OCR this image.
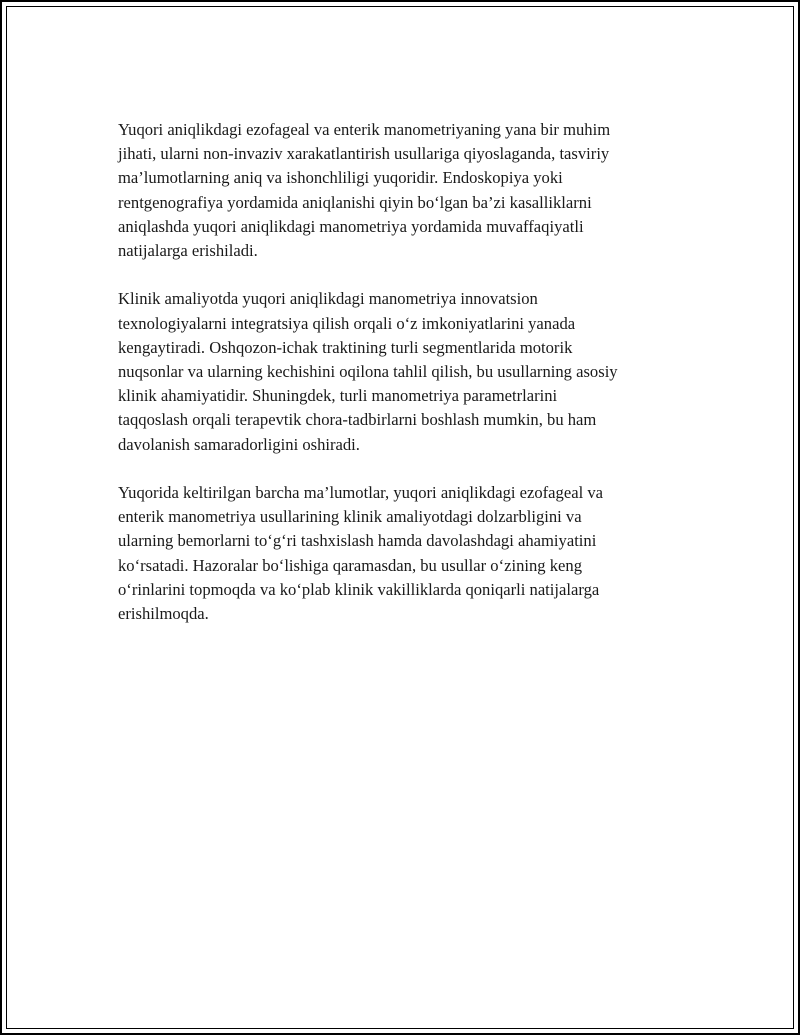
Yuqori aniqlikdagi ezofageal va enterik manometriyaning yana bir muhim
jihati, ularni non-invaziv xarakatlantirish usullariga qiyoslaganda, tasviriy
ma’lumotlarning aniq va ishonchliligi yuqoridir. Endoskopiya yoki
rentgenografiya yordamida aniqlanishi qiyin bo‘lgan ba’zi kasalliklarni
aniqlashda yuqori aniqlikdagi manometriya yordamida muvaffaqiyatli
natijalarga erishiladi.

Klinik amaliyotda yuqori aniqlikdagi manometriya innovatsion
texnologiyalarni integratsiya qilish orqali o‘z imkoniyatlarini yanada
kengaytiradi. Oshqozon-ichak traktining turli segmentlarida motorik
nuqsonlar va ularning kechishini oqilona tahlil qilish, bu usullarning asosiy
klinik ahamiyatidir. Shuningdek, turli manometriya parametrlarini
taqqoslash orqali terapevtik chora-tadbirlarni boshlash mumkin, bu ham
davolanish samaradorligini oshiradi.

Yuqorida keltirilgan barcha ma’lumotlar, yuqori aniqlikdagi ezofageal va
enterik manometriya usullarining klinik amaliyotdagi dolzarbligini va
ularning bemorlarni to‘g‘ri tashxislash hamda davolashdagi ahamiyatini
ko‘rsatadi. Hazoralar bo‘lishiga qaramasdan, bu usullar o‘zining keng
o‘rinlarini topmoqda va ko‘plab klinik vakilliklarda qoniqarli natijalarga
erishilmoqda.
